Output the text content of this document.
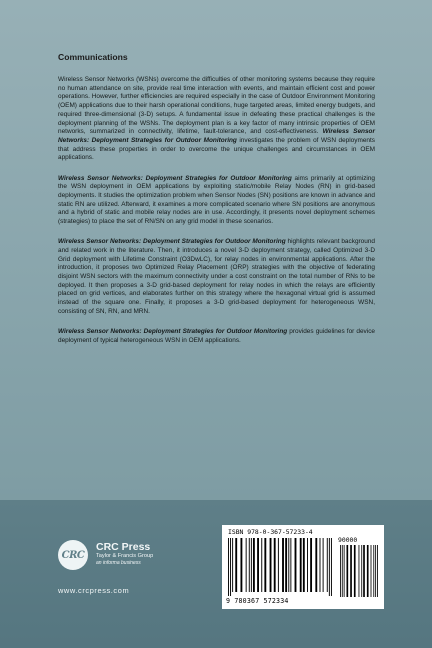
Communications

Wireless Sensor Networks (WSNs) overcome the difficulties of other monitoring systems because they require no human attendance on site, provide real time interaction with events, and maintain efficient cost and power operations. However, further efficiencies are required especially in the case of Outdoor Environment Monitoring (OEM) applications due to their harsh operational conditions, huge targeted areas, limited energy budgets, and required three-dimensional (3-D) setups. A fundamental issue in defeating these practical challenges is the deployment planning of the WSNs. The deployment plan is a key factor of many intrinsic properties of OEM networks, summarized in connectivity, lifetime, fault-tolerance, and cost-effectiveness. Wireless Sensor Networks: Deployment Strategies for Outdoor Monitoring investigates the problem of WSN deployments that address these properties in order to overcome the unique challenges and circumstances in OEM applications.

Wireless Sensor Networks: Deployment Strategies for Outdoor Monitoring aims primarily at optimizing the WSN deployment in OEM applications by exploiting static/mobile Relay Nodes (RN) in grid-based deployments. It studies the optimization problem when Sensor Nodes (SN) positions are known in advance and static RN are utilized. Afterward, it examines a more complicated scenario where SN positions are anonymous and a hybrid of static and mobile relay nodes are in use. Accordingly, it presents novel deployment schemes (strategies) to place the set of RN/SN on any grid model in these scenarios.

Wireless Sensor Networks: Deployment Strategies for Outdoor Monitoring highlights relevant background and related work in the literature. Then, it introduces a novel 3-D deployment strategy, called Optimized 3-D Grid deployment with Lifetime Constraint (O3DwLC), for relay nodes in environmental applications. After the introduction, it proposes two Optimized Relay Placement (ORP) strategies with the objective of federating disjoint WSN sectors with the maximum connectivity under a cost constraint on the total number of RNs to be deployed. It then proposes a 3-D grid-based deployment for relay nodes in which the relays are efficiently placed on grid vertices, and elaborates further on this strategy where the hexagonal virtual grid is assumed instead of the square one. Finally, it proposes a 3-D grid-based deployment for heterogeneous WSN, consisting of SN, RN, and MRN.

Wireless Sensor Networks: Deployment Strategies for Outdoor Monitoring provides guidelines for device deployment of typical heterogeneous WSN in OEM applications.

CRC
CRC Press
Taylor & Francis Group
an informa business
www.crcpress.com
ISBN 978-0-367-57233-4
9 780367 572334
90000
